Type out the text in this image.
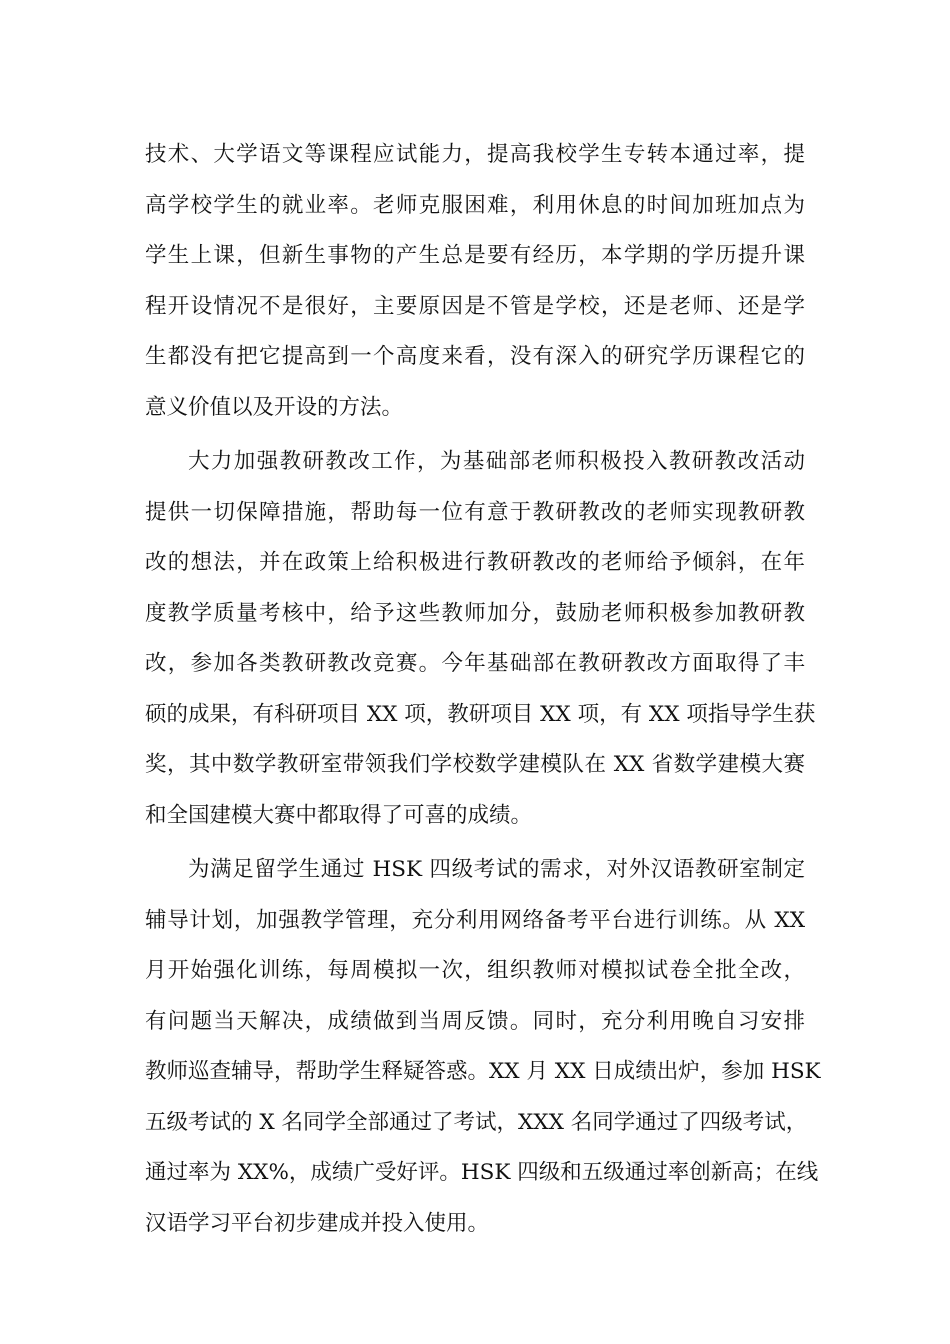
技术、大学语文等课程应试能力，提高我校学生专转本通过率，提
高学校学生的就业率。老师克服困难，利用休息的时间加班加点为
学生上课，但新生事物的产生总是要有经历，本学期的学历提升课
程开设情况不是很好，主要原因是不管是学校，还是老师、还是学
生都没有把它提高到一个高度来看，没有深入的研究学历课程它的
意义价值以及开设的方法。
大力加强教研教改工作，为基础部老师积极投入教研教改活动
提供一切保障措施，帮助每一位有意于教研教改的老师实现教研教
改的想法，并在政策上给积极进行教研教改的老师给予倾斜，在年
度教学质量考核中，给予这些教师加分，鼓励老师积极参加教研教
改，参加各类教研教改竞赛。今年基础部在教研教改方面取得了丰
硕的成果，有科研项目 XX 项，教研项目 XX 项，有 XX 项指导学生获
奖，其中数学教研室带领我们学校数学建模队在 XX 省数学建模大赛
和全国建模大赛中都取得了可喜的成绩。
为满足留学生通过 HSK 四级考试的需求，对外汉语教研室制定
辅导计划，加强教学管理，充分利用网络备考平台进行训练。从 XX
月开始强化训练，每周模拟一次，组织教师对模拟试卷全批全改，
有问题当天解决，成绩做到当周反馈。同时，充分利用晚自习安排
教师巡查辅导，帮助学生释疑答惑。XX 月 XX 日成绩出炉，参加 HSK
五级考试的 X 名同学全部通过了考试，XXX 名同学通过了四级考试，
通过率为 XX%，成绩广受好评。HSK 四级和五级通过率创新高；在线
汉语学习平台初步建成并投入使用。
